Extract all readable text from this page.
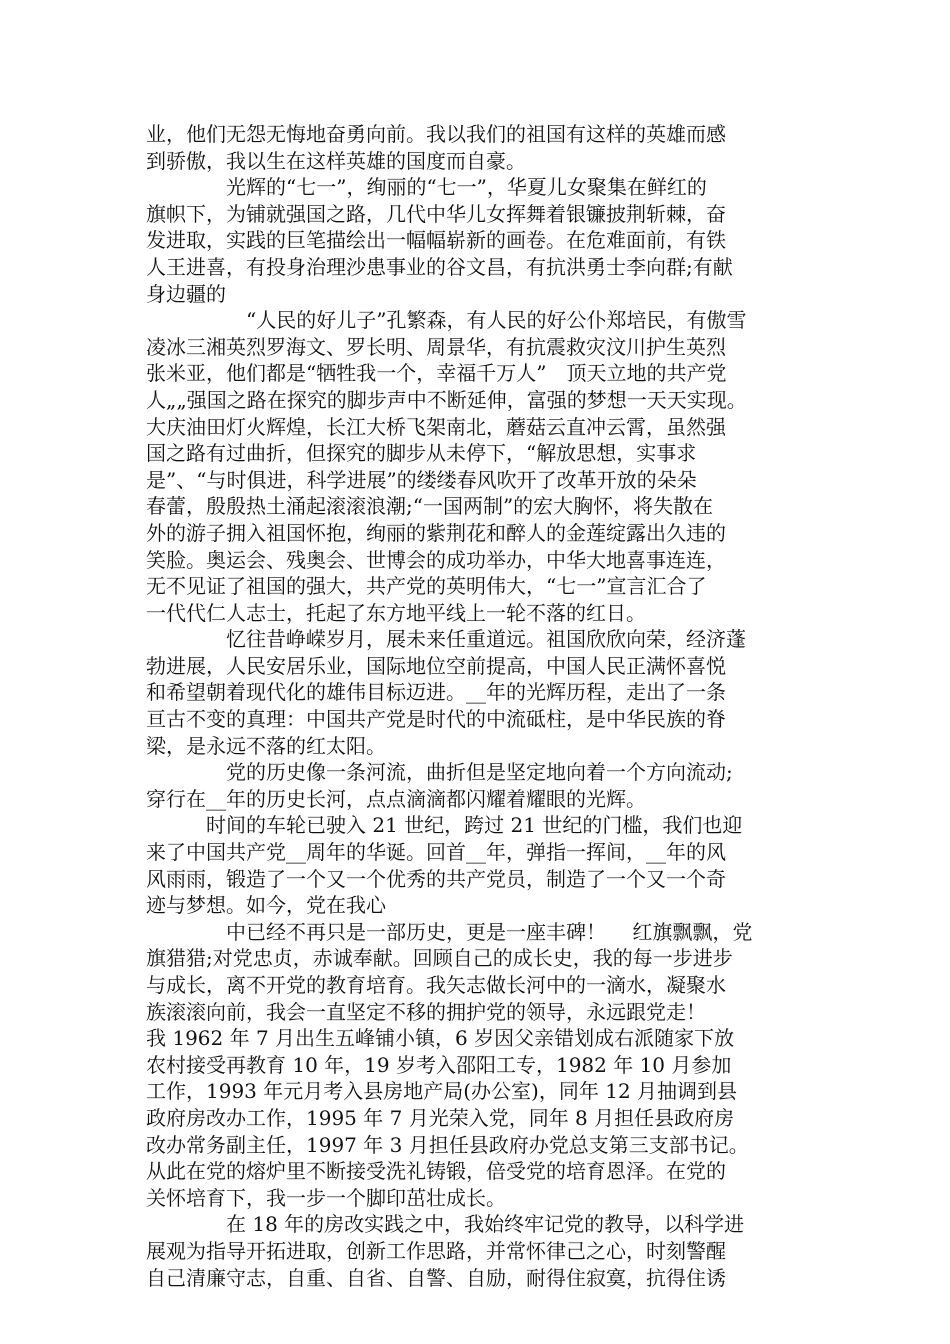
业，他们无怨无悔地奋勇向前。我以我们的祖国有这样的英雄而感
到骄傲，我以生在这样英雄的国度而自豪。

　　　　光辉的“七一”，绚丽的“七一”，华夏儿女聚集在鲜红的
旗帜下，为铺就强国之路，几代中华儿女挥舞着银镰披荆斩棘，奋
发进取，实践的巨笔描绘出一幅幅崭新的画卷。在危难面前，有铁
人王进喜，有投身治理沙患事业的谷文昌，有抗洪勇士李向群;有献
身边疆的

　　　　　“人民的好儿子”孔繁森，有人民的好公仆郑培民，有傲雪
凌冰三湘英烈罗海文、罗长明、周景华，有抗震救灾汶川护生英烈
张米亚，他们都是“牺牲我一个，幸福千万人”　顶天立地的共产党
人„„强国之路在探究的脚步声中不断延伸，富强的梦想一天天实现。
大庆油田灯火辉煌，长江大桥飞架南北，蘑菇云直冲云霄，虽然强
国之路有过曲折，但探究的脚步从未停下，“解放思想，实事求
是”、“与时俱进，科学进展”的缕缕春风吹开了改革开放的朵朵
春蕾，殷殷热土涌起滚滚浪潮;“一国两制”的宏大胸怀，将失散在
外的游子拥入祖国怀抱，绚丽的紫荆花和醉人的金莲绽露出久违的
笑脸。奥运会、残奥会、世博会的成功举办，中华大地喜事连连，
无不见证了祖国的强大，共产党的英明伟大，“七一”宣言汇合了
一代代仁人志士，托起了东方地平线上一轮不落的红日。

　　　　忆往昔峥嵘岁月，展未来任重道远。祖国欣欣向荣，经济蓬
勃进展，人民安居乐业，国际地位空前提高，中国人民正满怀喜悦
和希望朝着现代化的雄伟目标迈进。__年的光辉历程，走出了一条
亘古不变的真理：中国共产党是时代的中流砥柱，是中华民族的脊
梁，是永远不落的红太阳。

　　　　党的历史像一条河流，曲折但是坚定地向着一个方向流动;
穿行在__年的历史长河，点点滴滴都闪耀着耀眼的光辉。

　　　时间的车轮已驶入 21 世纪，跨过 21 世纪的门槛，我们也迎
来了中国共产党__周年的华诞。回首__年，弹指一挥间，__年的风
风雨雨，锻造了一个又一个优秀的共产党员，制造了一个又一个奇
迹与梦想。如今，党在我心

　　　　中已经不再只是一部历史，更是一座丰碑！　 红旗飘飘，党
旗猎猎;对党忠贞，赤诚奉献。回顾自己的成长史，我的每一步进步
与成长，离不开党的教育培育。我矢志做长河中的一滴水，凝聚水
族滚滚向前，我会一直坚定不移的拥护党的领导，永远跟党走！
我 1962 年 7 月出生五峰铺小镇，6 岁因父亲错划成右派随家下放
农村接受再教育 10 年，19 岁考入邵阳工专，1982 年 10 月参加
工作，1993 年元月考入县房地产局(办公室)，同年 12 月抽调到县
政府房改办工作，1995 年 7 月光荣入党，同年 8 月担任县政府房
改办常务副主任，1997 年 3 月担任县政府办党总支第三支部书记。
从此在党的熔炉里不断接受洗礼铸锻，倍受党的培育恩泽。在党的
关怀培育下，我一步一个脚印茁壮成长。

　　　　在 18 年的房改实践之中，我始终牢记党的教导，以科学进
展观为指导开拓进取，创新工作思路，并常怀律己之心，时刻警醒
自己清廉守志，自重、自省、自警、自励，耐得住寂寞，抗得住诱
